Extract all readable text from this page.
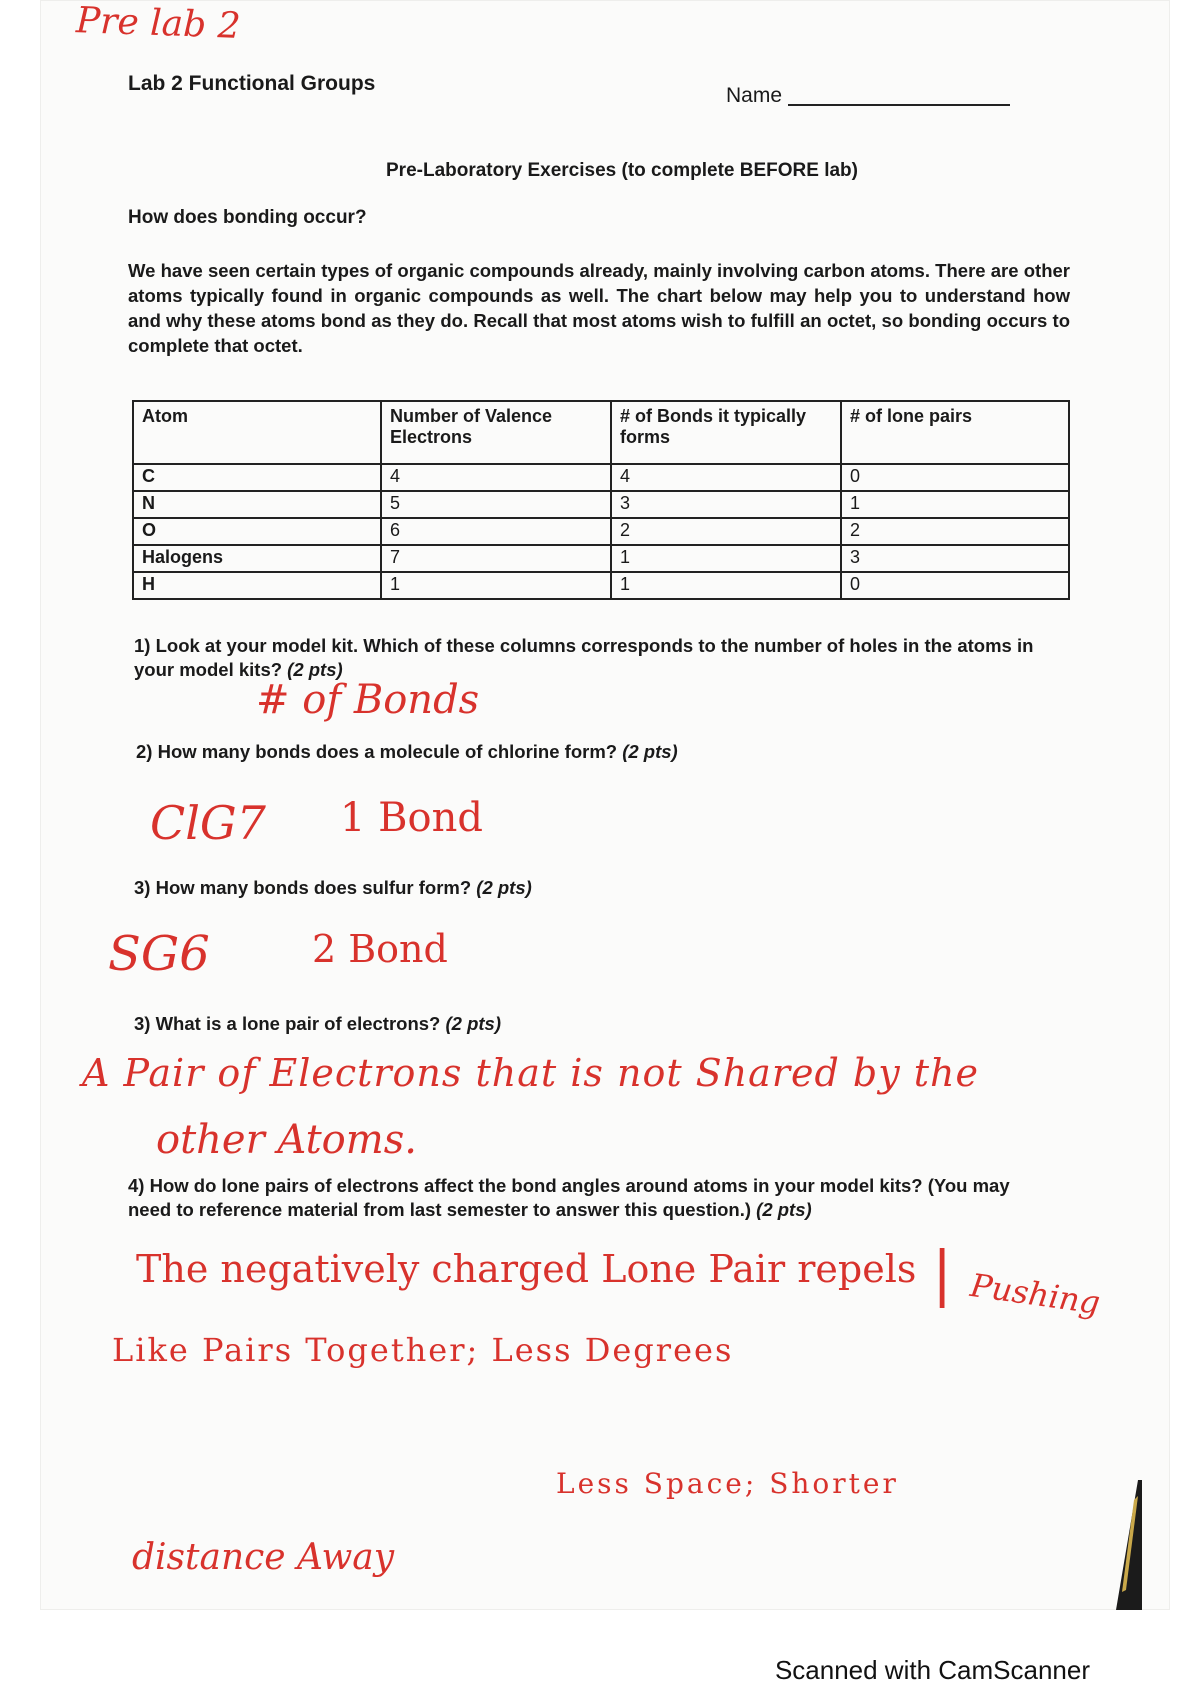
Pre lab 2
Lab 2 Functional Groups
Name
Pre-Laboratory Exercises (to complete BEFORE lab)
How does bonding occur?
We have seen certain types of organic compounds already, mainly involving carbon atoms. There are other atoms typically found in organic compounds as well. The chart below may help you to understand how and why these atoms bond as they do. Recall that most atoms wish to fulfill an octet, so bonding occurs to complete that octet.
Atom	Number of Valence Electrons	# of Bonds it typically forms	# of lone pairs
C	4	4	0
N	5	3	1
O	6	2	2
Halogens	7	1	3
H	1	1	0
1) Look at your model kit. Which of these columns corresponds to the number of holes in the atoms in your model kits? (2 pts)
# of Bonds
2) How many bonds does a molecule of chlorine form? (2 pts)
ClG7 1 Bond
3) How many bonds does sulfur form? (2 pts)
SG6	2 Bond
3) What is a lone pair of electrons? (2 pts)
A Pair of Electrons that is not Shared by the
other Atoms.
4) How do lone pairs of electrons affect the bond angles around atoms in your model kits? (You may need to reference material from last semester to answer this question.) (2 pts)
The negatively charged Lone Pair repels | Pushing
Like Pairs Together; Less Degrees
Less Space; Shorter
distance Away
Scanned with CamScanner
